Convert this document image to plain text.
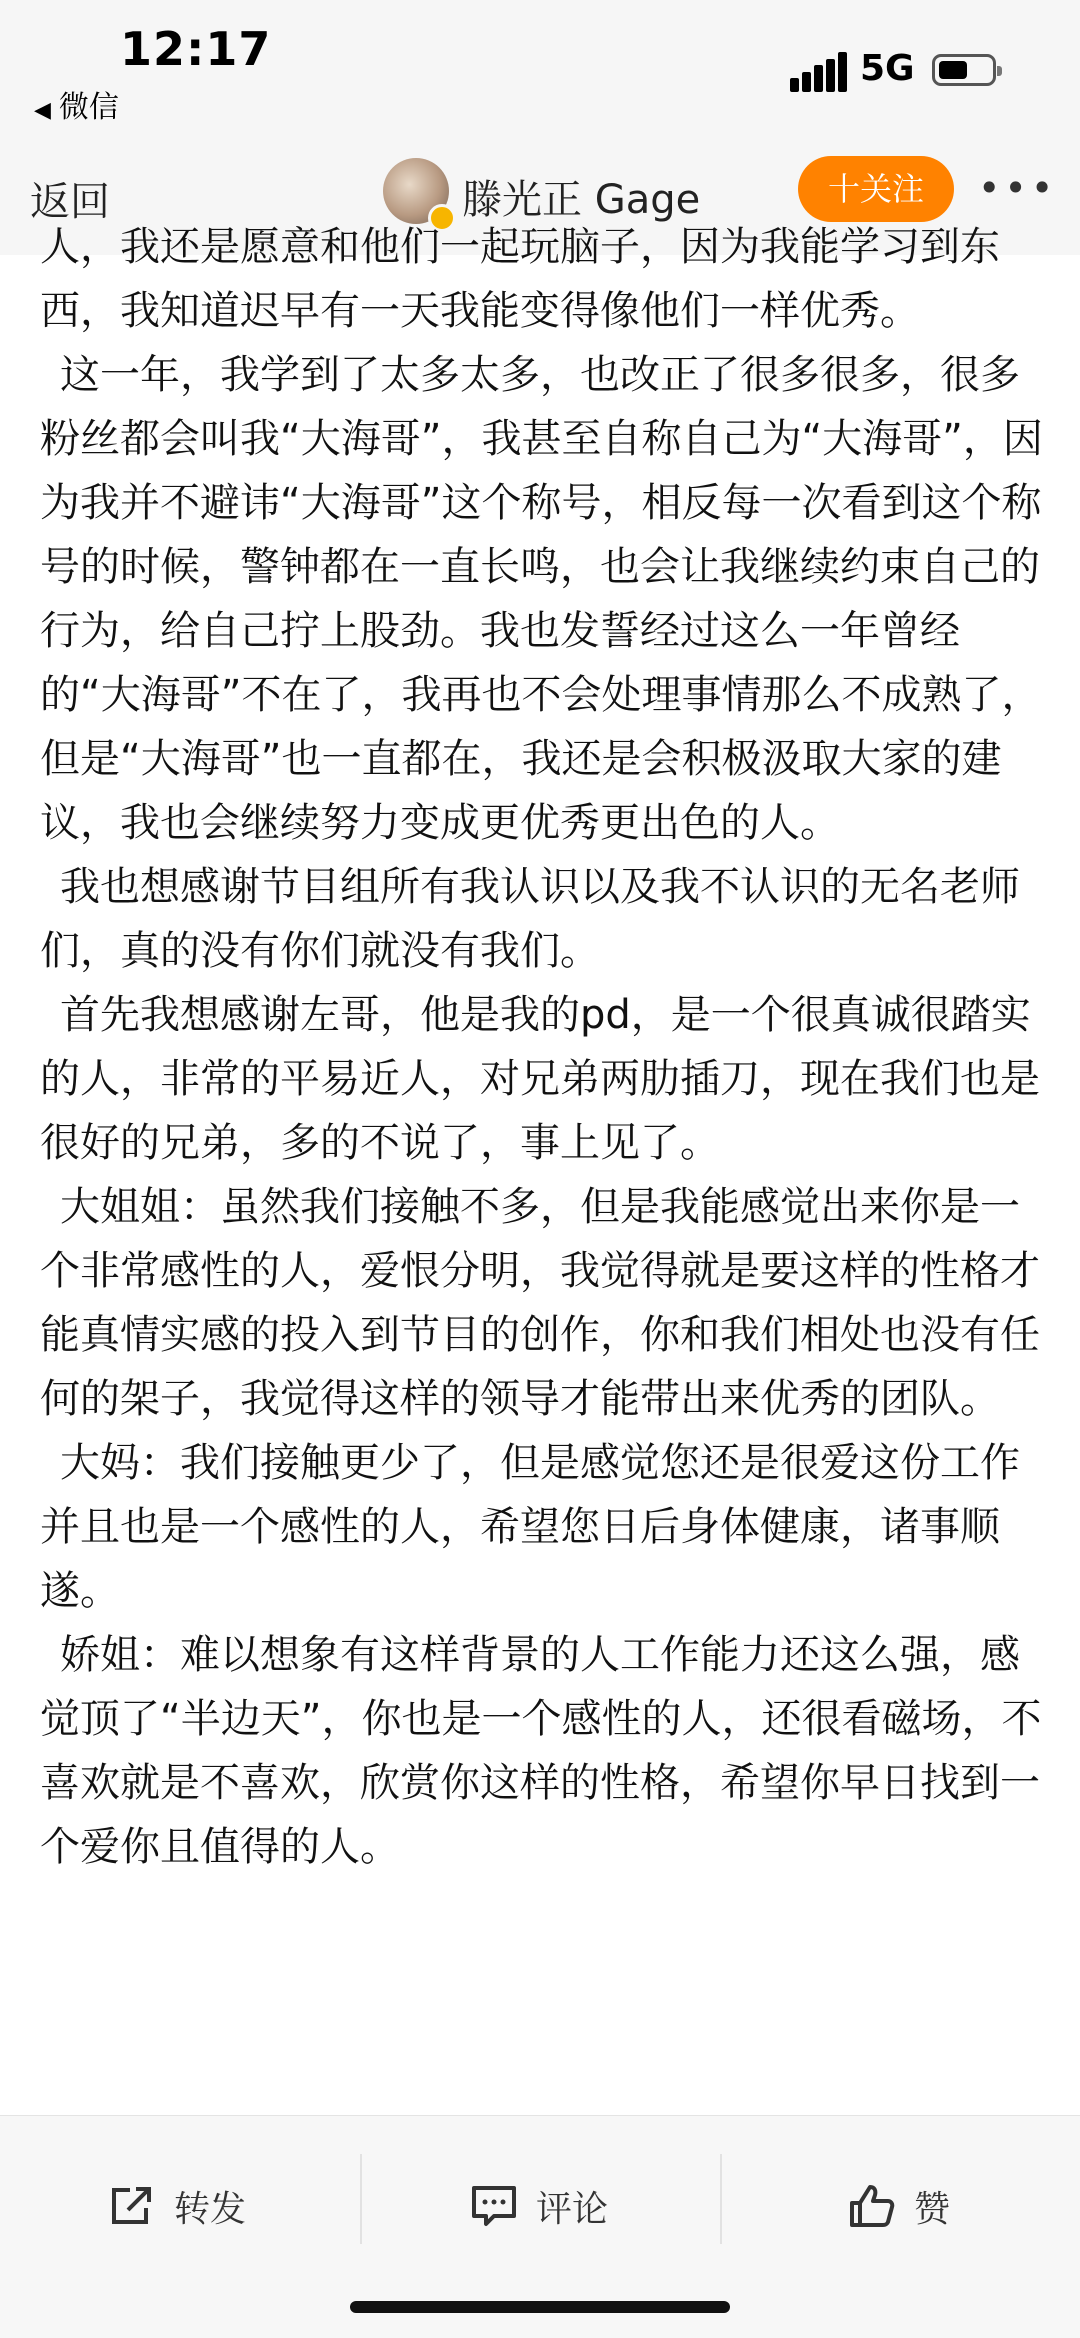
12:17
◀ 微信
5G
返回	滕光正 Gage	十关注	•••

人，我还是愿意和他们一起玩脑子，因为我能学习到东西，我知道迟早有一天我能变得像他们一样优秀。

这一年，我学到了太多太多，也改正了很多很多，很多粉丝都会叫我“大海哥”，我甚至自称自己为“大海哥”，因为我并不避讳“大海哥”这个称号，相反每一次看到这个称号的时候，警钟都在一直长鸣，也会让我继续约束自己的行为，给自己拧上股劲。我也发誓经过这么一年曾经的“大海哥”不在了，我再也不会处理事情那么不成熟了，但是“大海哥”也一直都在，我还是会积极汲取大家的建议，我也会继续努力变成更优秀更出色的人。

我也想感谢节目组所有我认识以及我不认识的无名老师们，真的没有你们就没有我们。

首先我想感谢左哥，他是我的pd，是一个很真诚很踏实的人，非常的平易近人，对兄弟两肋插刀，现在我们也是很好的兄弟，多的不说了，事上见了。

大姐姐：虽然我们接触不多，但是我能感觉出来你是一个非常感性的人，爱恨分明，我觉得就是要这样的性格才能真情实感的投入到节目的创作，你和我们相处也没有任何的架子，我觉得这样的领导才能带出来优秀的团队。

大妈：我们接触更少了，但是感觉您还是很爱这份工作并且也是一个感性的人，希望您日后身体健康，诸事顺遂。

娇姐：难以想象有这样背景的人工作能力还这么强，感觉顶了“半边天”，你也是一个感性的人，还很看磁场，不喜欢就是不喜欢，欣赏你这样的性格，希望你早日找到一个爱你且值得的人。

转发	评论	赞
